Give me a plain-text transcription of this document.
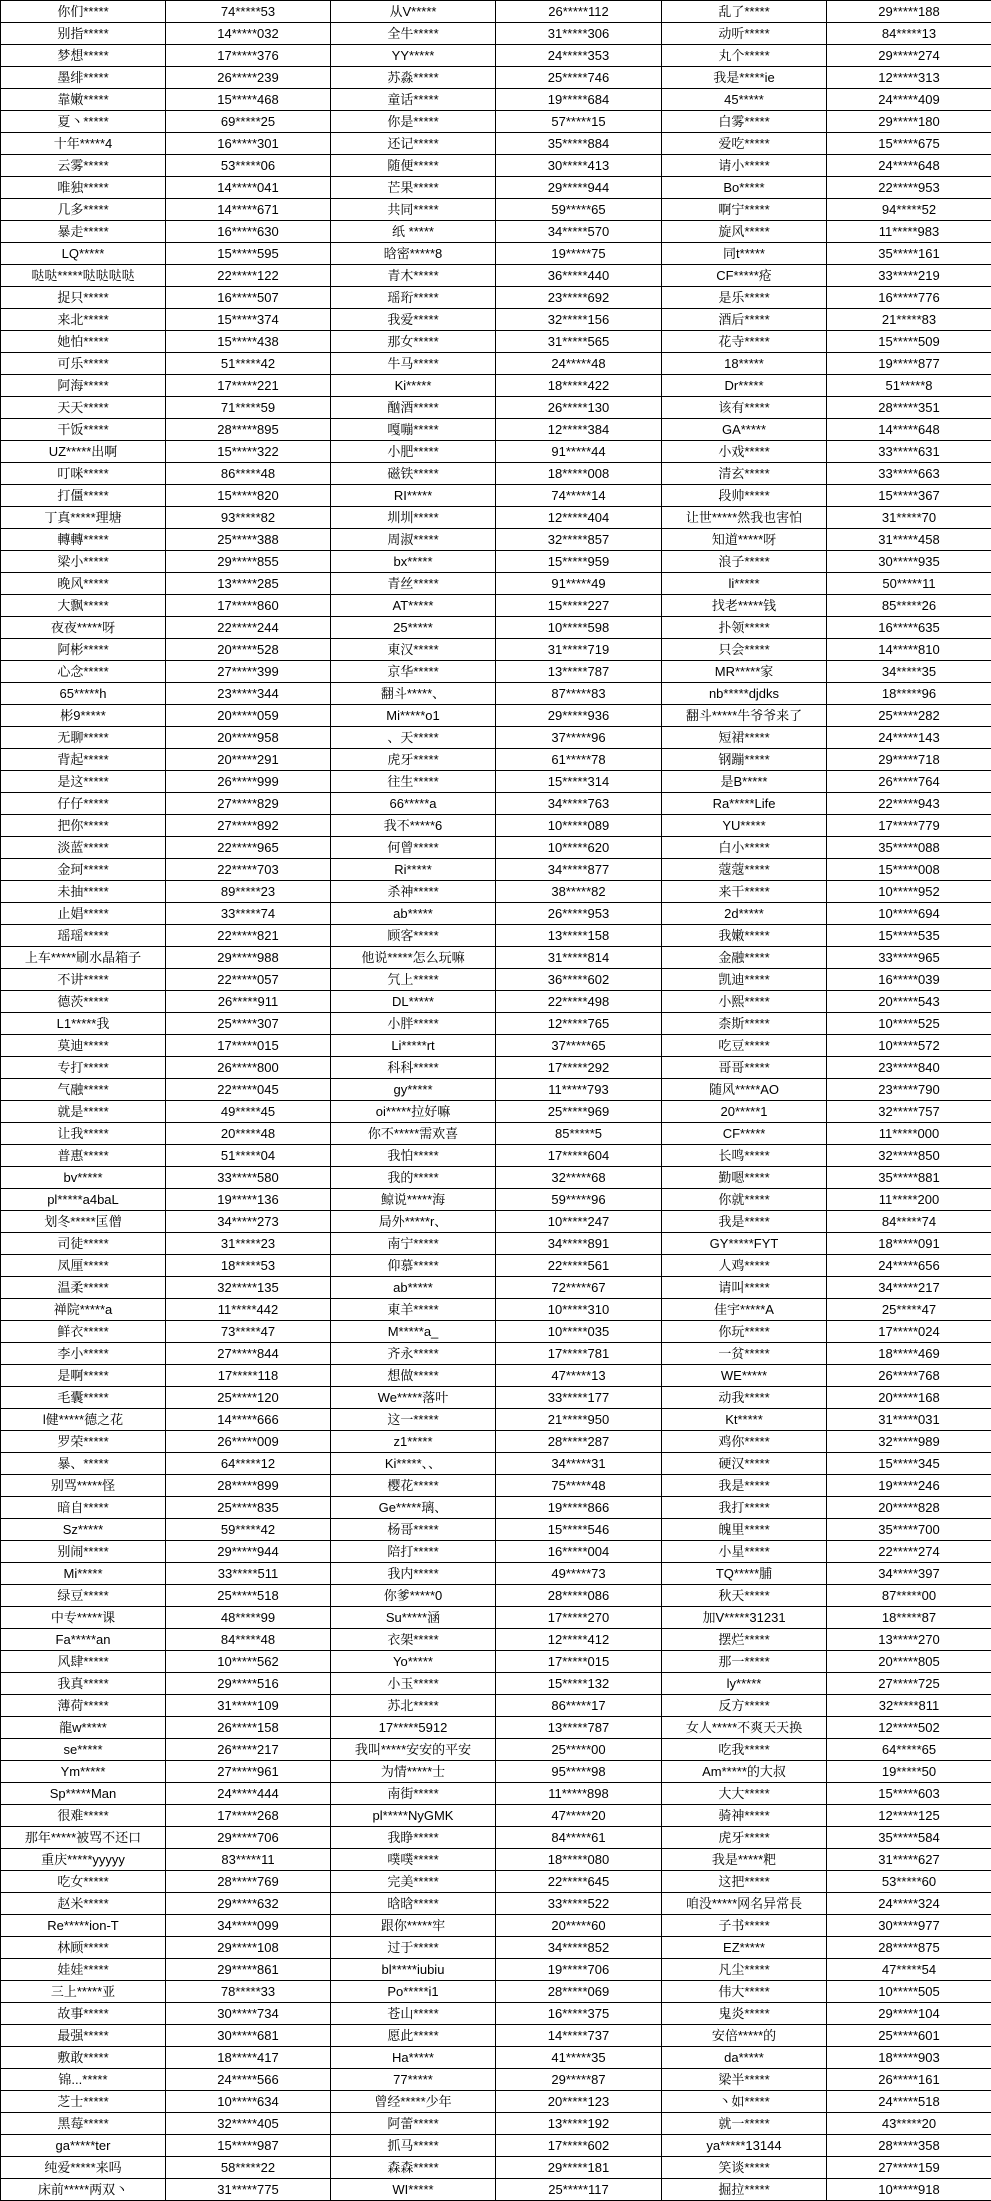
你们*****	74*****53	从V*****	26*****112	乱了*****	29*****188
别指*****	14*****032	全牛*****	31*****306	动听*****	84*****13
梦想*****	17*****376	YY*****	24*****353	丸个*****	29*****274
墨绯*****	26*****239	苏淼*****	25*****746	我是*****ie	12*****313
靠嫩*****	15*****468	童话*****	19*****684	45*****	24*****409
夏丶*****	69*****25	你是*****	57*****15	白雾*****	29*****180
十年*****4	16*****301	还记*****	35*****884	爱吃*****	15*****675
云雾*****	53*****06	随便*****	30*****413	请小*****	24*****648
唯独*****	14*****041	芒果*****	29*****944	Bo*****	22*****953
几多*****	14*****671	共同*****	59*****65	啊宁*****	94*****52
暴走*****	16*****630	纸 *****	34*****570	旋风*****	11*****983
LQ*****	15*****595	晗密*****8	19*****75	同t*****	35*****161
哒哒*****哒哒哒哒	22*****122	青木*****	36*****440	CF*****疮	33*****219
捉只*****	16*****507	瑶珩*****	23*****692	是乐*****	16*****776
来北*****	15*****374	我爱*****	32*****156	酒后*****	21*****83
她怕*****	15*****438	那女*****	31*****565	花寺*****	15*****509
可乐*****	51*****42	牛马*****	24*****48	18*****	19*****877
阿海*****	17*****221	Ki*****	18*****422	Dr*****	51*****8
天天*****	71*****59	酗酒*****	26*****130	该有*****	28*****351
干饭*****	28*****895	嘎嘣*****	12*****384	GA*****	14*****648
UZ*****出啊	15*****322	小肥*****	91*****44	小戏*****	33*****631
叮咪*****	86*****48	磁铁*****	18*****008	清玄*****	33*****663
打僵*****	15*****820	RI*****	74*****14	段帅*****	15*****367
丁真*****理塘	93*****82	圳圳*****	12*****404	让世*****然我也害怕	31*****70
轉轉*****	25*****388	周淑*****	32*****857	知道*****呀	31*****458
梁小*****	29*****855	bx*****	15*****959	浪子*****	30*****935
晚风*****	13*****285	青丝*****	91*****49	li*****	50*****11
大飘*****	17*****860	AT*****	15*****227	找老*****钱	85*****26
夜夜*****呀	22*****244	25*****	10*****598	扑领*****	16*****635
阿彬*****	20*****528	東汉*****	31*****719	只会*****	14*****810
心念*****	27*****399	京华*****	13*****787	MR*****家	34*****35
65*****h	23*****344	翻斗*****、	87*****83	nb*****djdks	18*****96
彬9*****	20*****059	Mi*****o1	29*****936	翻斗*****牛爷爷来了	25*****282
无聊*****	20*****958	、天*****	37*****96	短裙*****	24*****143
背起*****	20*****291	虎牙*****	61*****78	钢蹦*****	29*****718
是这*****	26*****999	往生*****	15*****314	是B*****	26*****764
仔仔*****	27*****829	66*****a	34*****763	Ra*****Life	22*****943
把你*****	27*****892	我不*****6	10*****089	YU*****	17*****779
淡蓝*****	22*****965	何曾*****	10*****620	白小*****	35*****088
金珂*****	22*****703	Ri*****	34*****877	蔻蔻*****	15*****008
未抽*****	89*****23	杀神*****	38*****82	来干*****	10*****952
止娼*****	33*****74	ab*****	26*****953	2d*****	10*****694
瑶瑶*****	22*****821	顾客*****	13*****158	我嫩*****	15*****535
上车*****刷水晶箱子	29*****988	他说*****怎么玩嘛	31*****814	金融*****	33*****965
不讲*****	22*****057	氕上*****	36*****602	凯迪*****	16*****039
德茨*****	26*****911	DL*****	22*****498	小熙*****	20*****543
L1*****我	25*****307	小胖*****	12*****765	柰斯*****	10*****525
莫迪*****	17*****015	Li*****rt	37*****65	吃豆*****	10*****572
专打*****	26*****800	科科*****	17*****292	哥哥*****	23*****840
气融*****	22*****045	gy*****	11*****793	随风*****AO	23*****790
就是*****	49*****45	oi*****拉好嘛	25*****969	20*****1	32*****757
让我*****	20*****48	你不*****需欢喜	85*****5	CF*****	11*****000
普惠*****	51*****04	我怕*****	17*****604	长鸣*****	32*****850
bv*****	33*****580	我的*****	32*****68	勤嗯*****	35*****881
pl*****a4baL	19*****136	鲸说*****海	59*****96	你就*****	11*****200
划冬*****匡僧	34*****273	局外*****r、	10*****247	我是*****	84*****74
司徒*****	31*****23	南宁*****	34*****891	GY*****FYT	18*****091
凤厘*****	18*****53	仰慕*****	22*****561	人鸡*****	24*****656
温柔*****	32*****135	ab*****	72*****67	请叫*****	34*****217
禅院*****a	11*****442	東羊*****	10*****310	佳宇*****A	25*****47
鲜衣*****	73*****47	M*****a_	10*****035	你玩*****	17*****024
李小*****	27*****844	齐永*****	17*****781	一贫*****	18*****469
是啊*****	17*****118	想做*****	47*****13	WE*****	26*****768
毛囊*****	25*****120	We*****落叶	33*****177	动我*****	20*****168
l健*****德之花	14*****666	这一*****	21*****950	Kt*****	31*****031
罗荣*****	26*****009	z1*****	28*****287	鸡你*****	32*****989
暴、*****	64*****12	Ki*****、、	34*****31	硬汉*****	15*****345
别骂*****怪	28*****899	樱花*****	75*****48	我是*****	19*****246
暗自*****	25*****835	Ge*****璃、	19*****866	我打*****	20*****828
Sz*****	59*****42	杨哥*****	15*****546	魄里*****	35*****700
别闹*****	29*****944	陪打*****	16*****004	小星*****	22*****274
Mi*****	33*****511	我内*****	49*****73	TQ*****脯	34*****397
绿豆*****	25*****518	你爹*****0	28*****086	秋天*****	87*****00
中专*****课	48*****99	Su*****涵	17*****270	加V*****31231	18*****87
Fa*****an	84*****48	衣架*****	12*****412	摆烂*****	13*****270
风肆*****	10*****562	Yo*****	17*****015	那一*****	20*****805
我真*****	29*****516	小玉*****	15*****132	ly*****	27*****725
薄荷*****	31*****109	苏北*****	86*****17	反方*****	32*****811
龍w*****	26*****158	17*****5912	13*****787	女人*****不爽天天换	12*****502
se*****	26*****217	我叫*****安安的平安	25*****00	吃我*****	64*****65
Ym*****	27*****961	为情*****士	95*****98	Am*****的大叔	19*****50
Sp*****Man	24*****444	南街*****	11*****898	大大*****	15*****603
很难*****	17*****268	pl*****NyGMK	47*****20	骑神*****	12*****125
那年*****被骂不还口	29*****706	我睁*****	84*****61	虎牙*****	35*****584
重庆*****yyyyy	83*****11	噗噗*****	18*****080	我是*****粑	31*****627
吃女*****	28*****769	完美*****	22*****645	这把*****	53*****60
赵米*****	29*****632	晗晗*****	33*****522	咱没*****网名异常長	24*****324
Re*****ion-T	34*****099	跟你*****牢	20*****60	子书*****	30*****977
林顾*****	29*****108	过于*****	34*****852	EZ*****	28*****875
娃娃*****	29*****861	bl*****iubiu	19*****706	凡尘*****	47*****54
三上*****亚	78*****33	Po*****i1	28*****069	伟大*****	10*****505
故事*****	30*****734	苍山*****	16*****375	鬼炎*****	29*****104
最强*****	30*****681	愿此*****	14*****737	安倍*****的	25*****601
敷敢*****	18*****417	Ha*****	41*****35	da*****	18*****903
锦...*****	24*****566	77*****	29*****87	梁半*****	26*****161
芝士*****	10*****634	曾经*****少年	20*****123	丶如*****	24*****518
黑莓*****	32*****405	阿蕾*****	13*****192	就一*****	43*****20
ga*****ter	15*****987	抓马*****	17*****602	ya*****13144	28*****358
纯爱*****来吗	58*****22	森森*****	29*****181	笑谈*****	27*****159
床前*****两双丶	31*****775	WI*****	25*****117	掘拉*****	10*****918
